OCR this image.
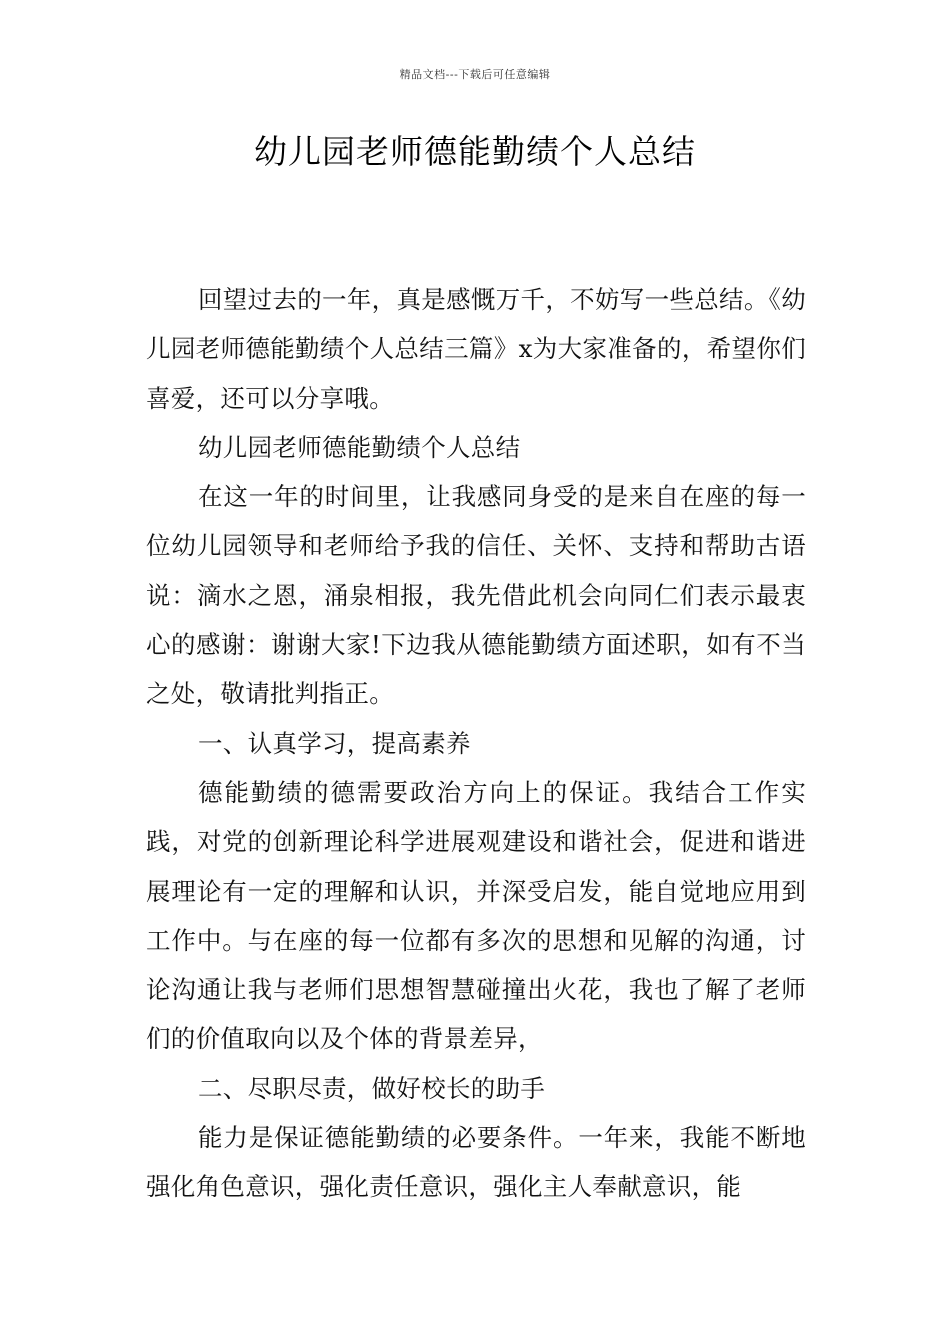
精品文档---下载后可任意编辑
幼儿园老师德能勤绩个人总结

回望过去的一年，真是感慨万千，不妨写一些总结。《幼儿园老师德能勤绩个人总结三篇》x为大家准备的，希望你们喜爱，还可以分享哦。

幼儿园老师德能勤绩个人总结

在这一年的时间里，让我感同身受的是来自在座的每一位幼儿园领导和老师给予我的信任、关怀、支持和帮助古语说：滴水之恩，涌泉相报，我先借此机会向同仁们表示最衷心的感谢：谢谢大家!下边我从德能勤绩方面述职，如有不当之处，敬请批判指正。

一、认真学习，提高素养

德能勤绩的德需要政治方向上的保证。我结合工作实践，对党的创新理论科学进展观建设和谐社会，促进和谐进展理论有一定的理解和认识，并深受启发，能自觉地应用到工作中。与在座的每一位都有多次的思想和见解的沟通，讨论沟通让我与老师们思想智慧碰撞出火花，我也了解了老师们的价值取向以及个体的背景差异，

二、尽职尽责，做好校长的助手

能力是保证德能勤绩的必要条件。一年来，我能不断地强化角色意识，强化责任意识，强化主人奉献意识，能
